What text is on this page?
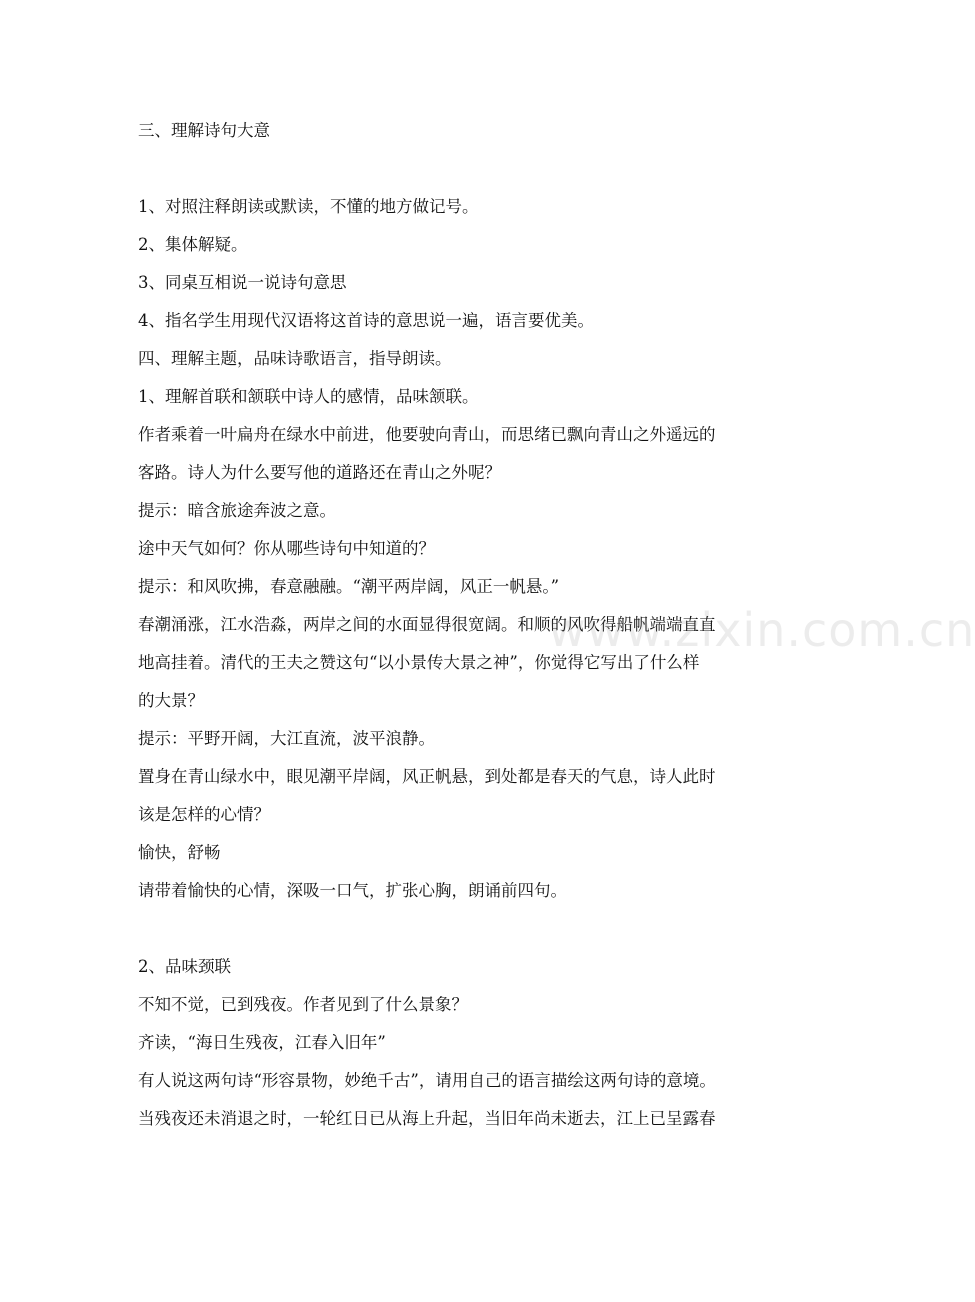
三、理解诗句大意

1、对照注释朗读或默读，不懂的地方做记号。

2、集体解疑。

3、同桌互相说一说诗句意思

4、指名学生用现代汉语将这首诗的意思说一遍，语言要优美。

四、理解主题，品味诗歌语言，指导朗读。

1、理解首联和颔联中诗人的感情，品味颔联。

作者乘着一叶扁舟在绿水中前进，他要驶向青山，而思绪已飘向青山之外遥远的

客路。诗人为什么要写他的道路还在青山之外呢？

提示：暗含旅途奔波之意。

途中天气如何？你从哪些诗句中知道的？

提示：和风吹拂，春意融融。“潮平两岸阔，风正一帆悬。”

春潮涌涨，江水浩淼，两岸之间的水面显得很宽阔。和顺的风吹得船帆端端直直

地高挂着。清代的王夫之赞这句“以小景传大景之神”，你觉得它写出了什么样

的大景？

提示：平野开阔，大江直流，波平浪静。

置身在青山绿水中，眼见潮平岸阔，风正帆悬，到处都是春天的气息，诗人此时

该是怎样的心情？

愉快，舒畅

请带着愉快的心情，深吸一口气，扩张心胸，朗诵前四句。

2、品味颈联

不知不觉，已到残夜。作者见到了什么景象？

齐读，“海日生残夜，江春入旧年”

有人说这两句诗“形容景物，妙绝千古”，请用自己的语言描绘这两句诗的意境。

当残夜还未消退之时，一轮红日已从海上升起，当旧年尚未逝去，江上已呈露春

www.zixin.com.cn
